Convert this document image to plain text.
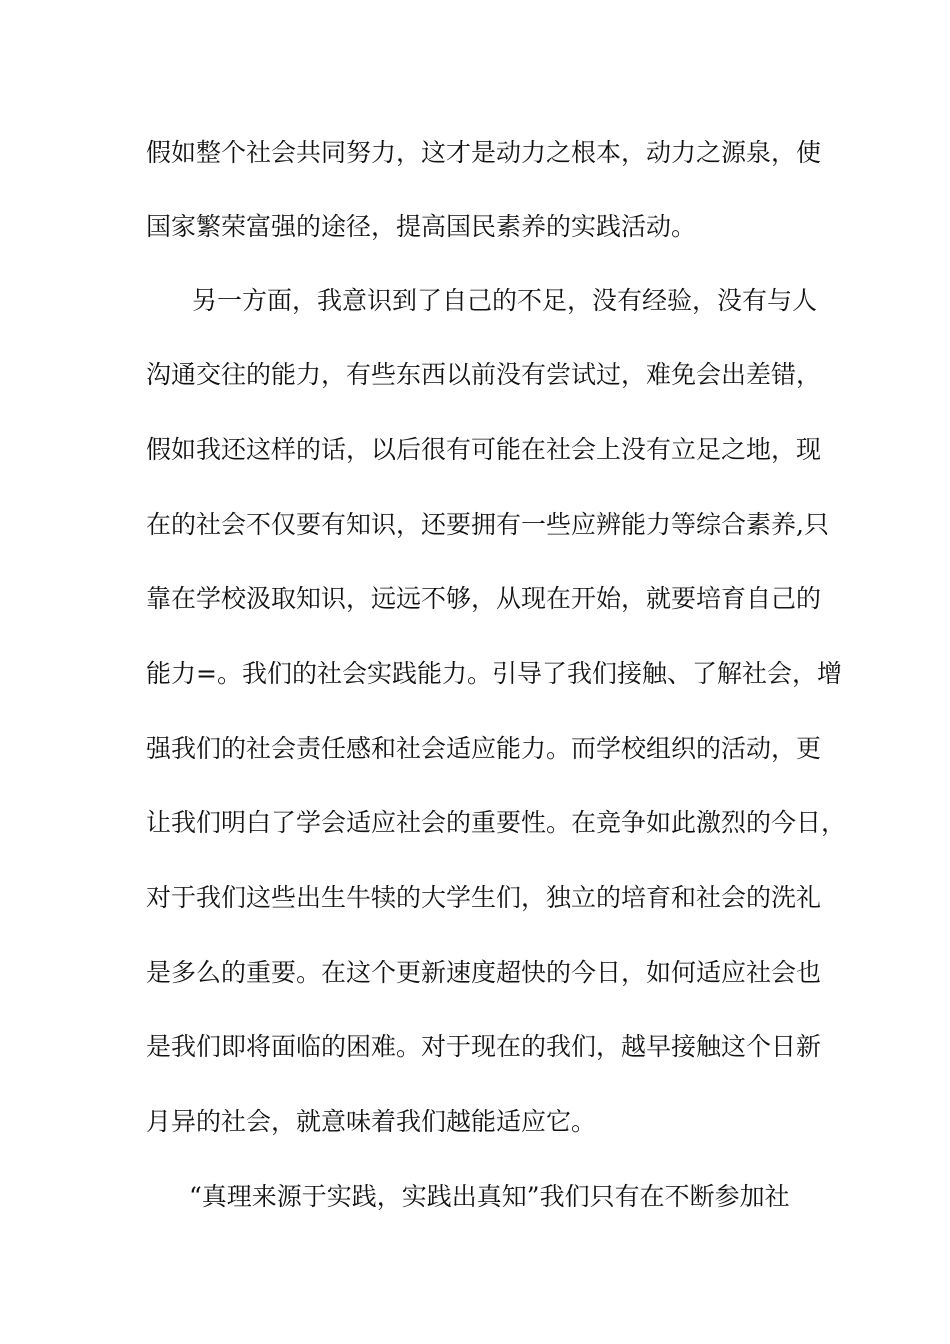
假如整个社会共同努力，这才是动力之根本，动力之源泉，使
国家繁荣富强的途径，提高国民素养的实践活动。
另一方面，我意识到了自己的不足，没有经验，没有与人
沟通交往的能力，有些东西以前没有尝试过，难免会出差错，
假如我还这样的话，以后很有可能在社会上没有立足之地，现
在的社会不仅要有知识，还要拥有一些应辨能力等综合素养,只
靠在学校汲取知识，远远不够，从现在开始，就要培育自己的
能力=。我们的社会实践能力。引导了我们接触、了解社会，增
强我们的社会责任感和社会适应能力。而学校组织的活动，更
让我们明白了学会适应社会的重要性。在竞争如此激烈的今日，
对于我们这些出生牛犊的大学生们，独立的培育和社会的洗礼
是多么的重要。在这个更新速度超快的今日，如何适应社会也
是我们即将面临的困难。对于现在的我们，越早接触这个日新
月异的社会，就意味着我们越能适应它。
“真理来源于实践，实践出真知”我们只有在不断参加社
